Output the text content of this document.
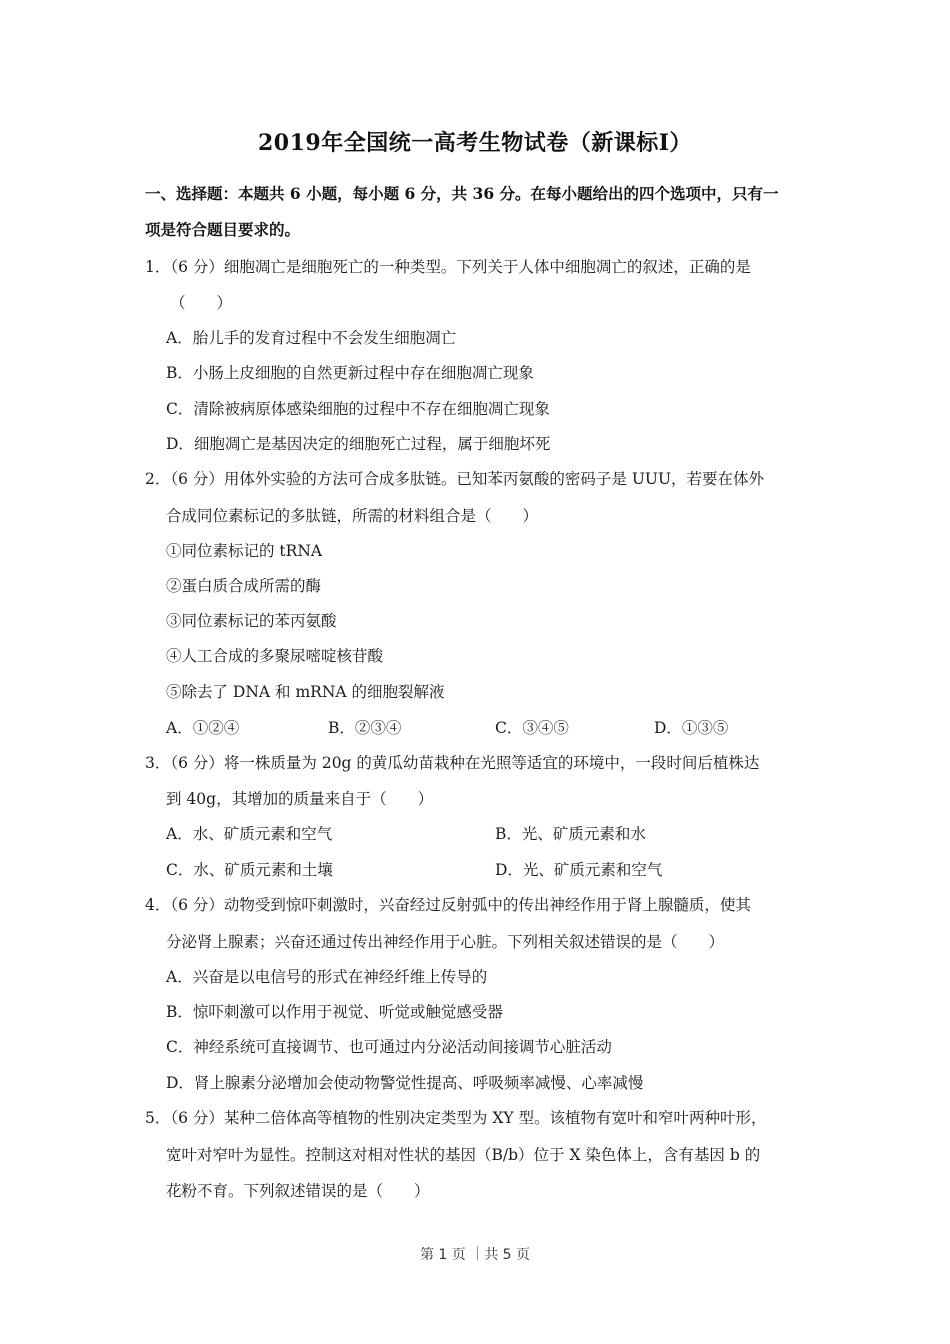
2019年全国统一高考生物试卷（新课标Ⅰ）
一、选择题：本题共 6 小题，每小题 6 分，共 36 分。在每小题给出的四个选项中，只有一
项是符合题目要求的。
1．（6 分）细胞凋亡是细胞死亡的一种类型。下列关于人体中细胞凋亡的叙述，正确的是
（　　）
A．胎儿手的发育过程中不会发生细胞凋亡
B．小肠上皮细胞的自然更新过程中存在细胞凋亡现象
C．清除被病原体感染细胞的过程中不存在细胞凋亡现象
D．细胞凋亡是基因决定的细胞死亡过程，属于细胞坏死
2．（6 分）用体外实验的方法可合成多肽链。已知苯丙氨酸的密码子是 UUU，若要在体外
合成同位素标记的多肽链，所需的材料组合是（　　）
①同位素标记的 tRNA
②蛋白质合成所需的酶
③同位素标记的苯丙氨酸
④人工合成的多聚尿嘧啶核苷酸
⑤除去了 DNA 和 mRNA 的细胞裂解液
A．①②④	B．②③④	C．③④⑤	D．①③⑤
3．（6 分）将一株质量为 20g 的黄瓜幼苗栽种在光照等适宜的环境中，一段时间后植株达
到 40g，其增加的质量来自于（　　）
A．水、矿质元素和空气	B．光、矿质元素和水
C．水、矿质元素和土壤	D．光、矿质元素和空气
4．（6 分）动物受到惊吓刺激时，兴奋经过反射弧中的传出神经作用于肾上腺髓质，使其
分泌肾上腺素；兴奋还通过传出神经作用于心脏。下列相关叙述错误的是（　　）
A．兴奋是以电信号的形式在神经纤维上传导的
B．惊吓刺激可以作用于视觉、听觉或触觉感受器
C．神经系统可直接调节、也可通过内分泌活动间接调节心脏活动
D．肾上腺素分泌增加会使动物警觉性提高、呼吸频率减慢、心率减慢
5．（6 分）某种二倍体高等植物的性别决定类型为 XY 型。该植物有宽叶和窄叶两种叶形，
宽叶对窄叶为显性。控制这对相对性状的基因（B/b）位于 X 染色体上，含有基因 b 的
花粉不育。下列叙述错误的是（　　）
第 1 页 ｜共 5 页
